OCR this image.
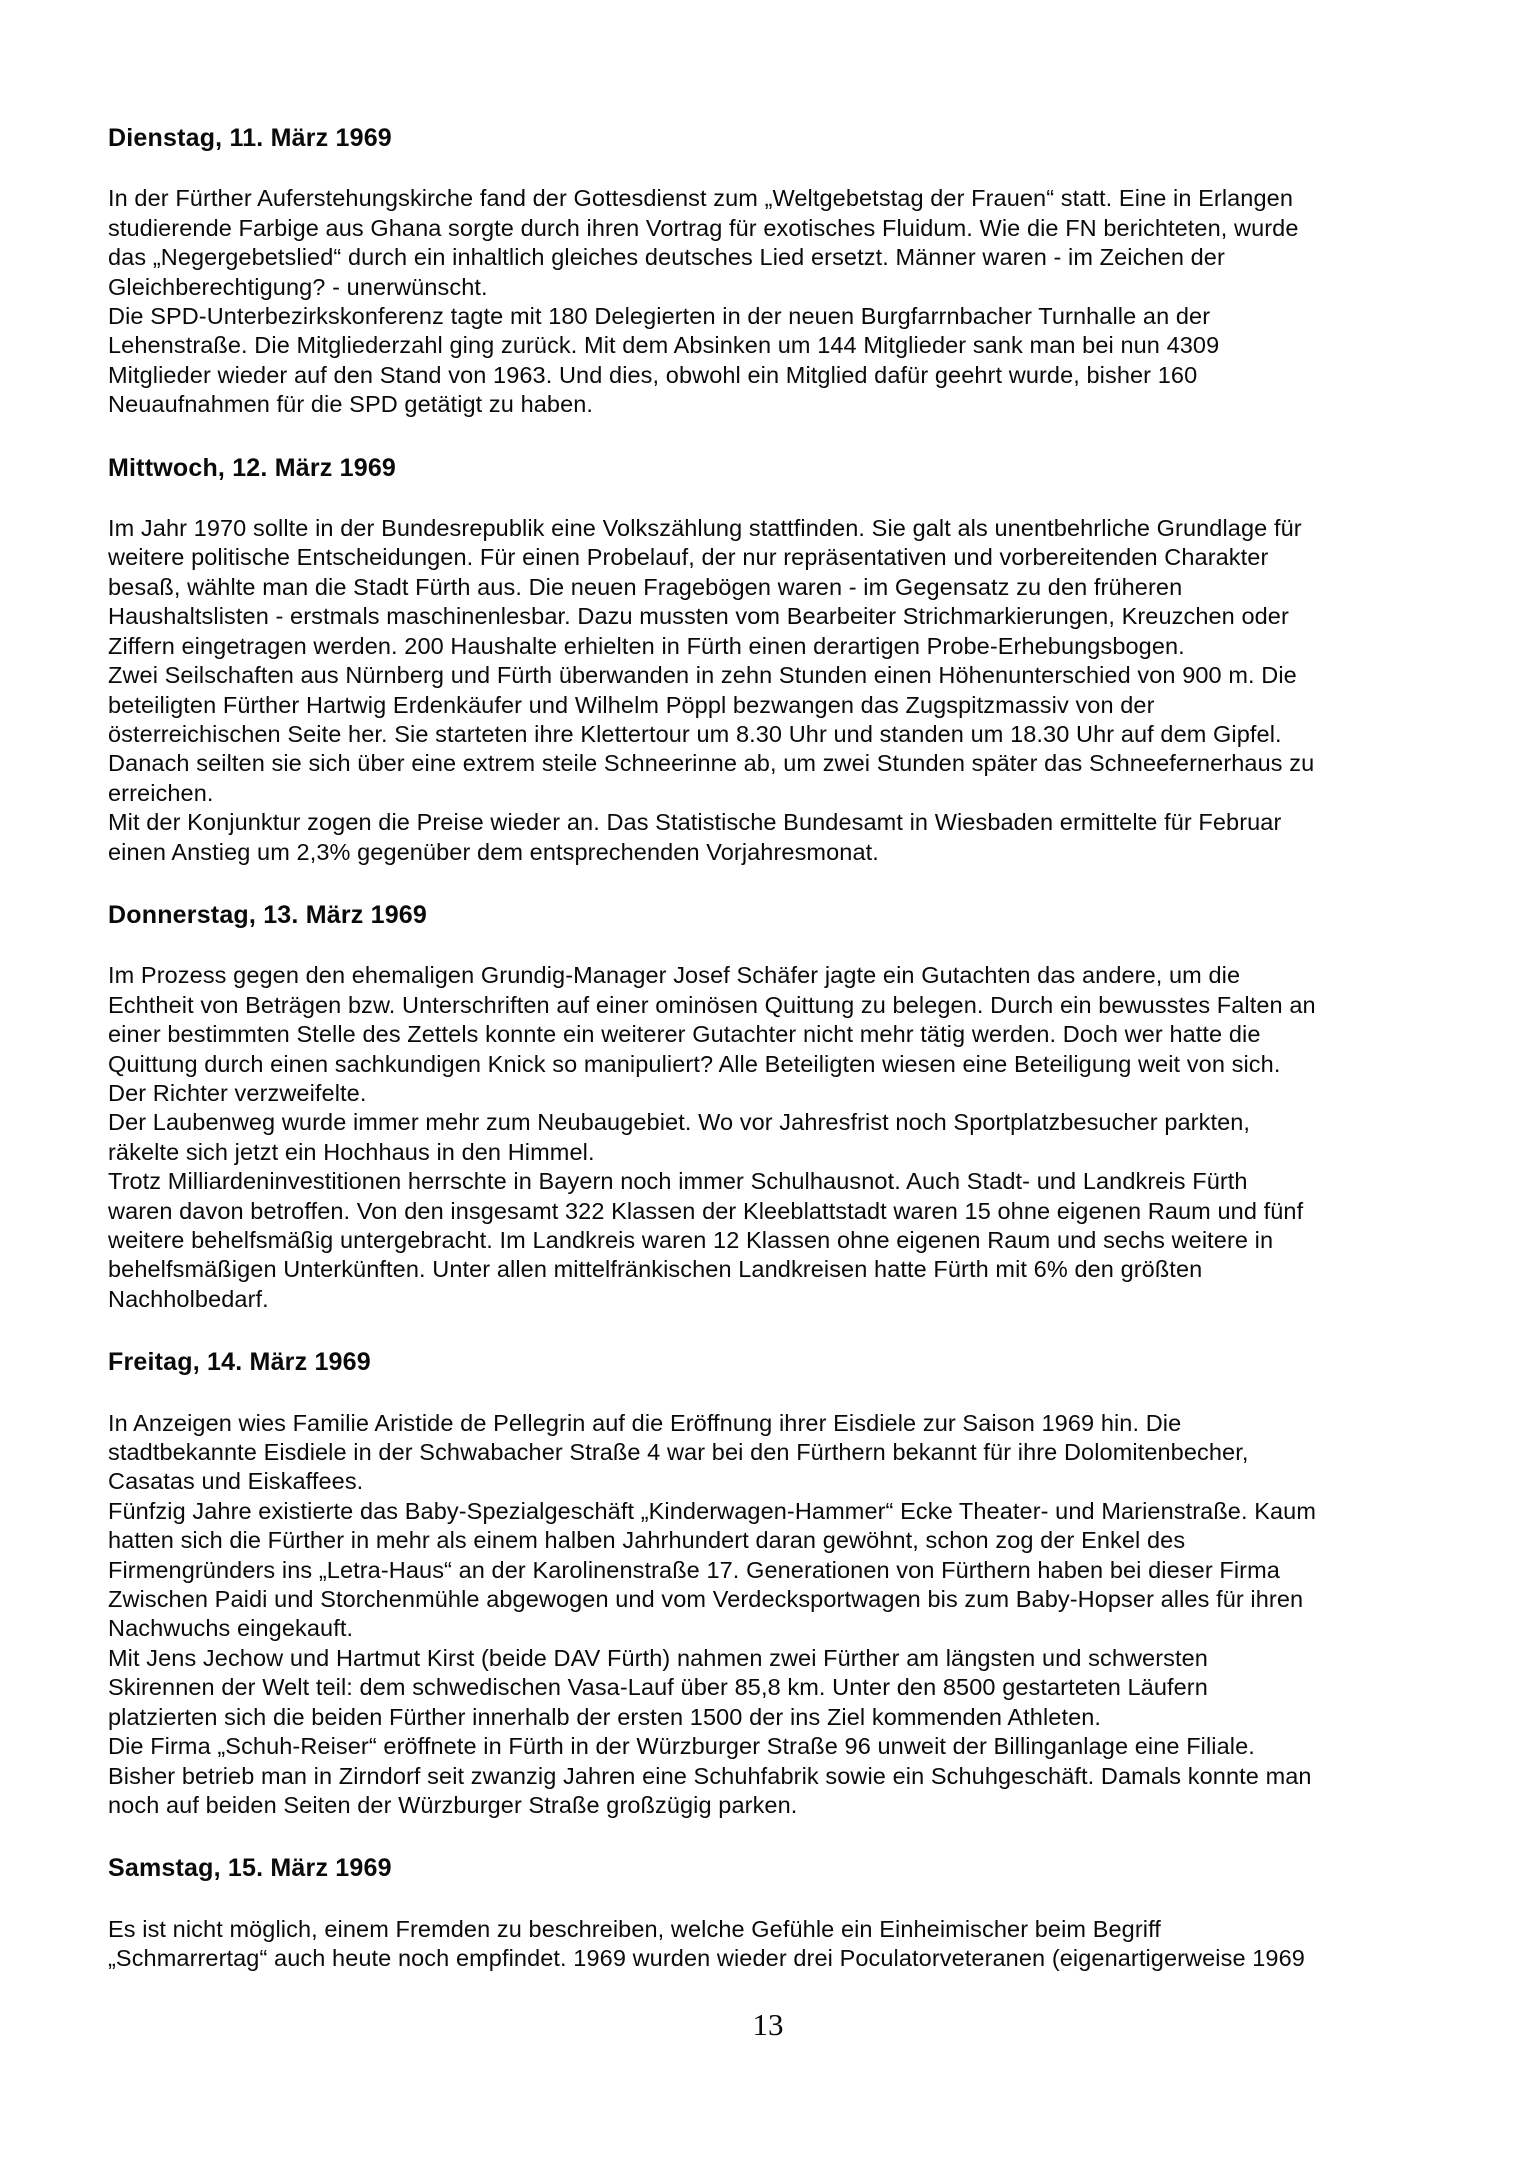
Dienstag, 11. März 1969

In der Fürther Auferstehungskirche fand der Gottesdienst zum „Weltgebetstag der Frauen“ statt. Eine in Erlangen
studierende Farbige aus Ghana sorgte durch ihren Vortrag für exotisches Fluidum. Wie die FN berichteten, wurde
das „Negergebetslied“ durch ein inhaltlich gleiches deutsches Lied ersetzt. Männer waren - im Zeichen der
Gleichberechtigung? - unerwünscht.

Die SPD-Unterbezirkskonferenz tagte mit 180 Delegierten in der neuen Burgfarrnbacher Turnhalle an der
Lehenstraße. Die Mitgliederzahl ging zurück. Mit dem Absinken um 144 Mitglieder sank man bei nun 4309
Mitglieder wieder auf den Stand von 1963. Und dies, obwohl ein Mitglied dafür geehrt wurde, bisher 160
Neuaufnahmen für die SPD getätigt zu haben.

Mittwoch, 12. März 1969

Im Jahr 1970 sollte in der Bundesrepublik eine Volkszählung stattfinden. Sie galt als unentbehrliche Grundlage für
weitere politische Entscheidungen. Für einen Probelauf, der nur repräsentativen und vorbereitenden Charakter
besaß, wählte man die Stadt Fürth aus. Die neuen Fragebögen waren - im Gegensatz zu den früheren
Haushaltslisten - erstmals maschinenlesbar. Dazu mussten vom Bearbeiter Strichmarkierungen, Kreuzchen oder
Ziffern eingetragen werden. 200 Haushalte erhielten in Fürth einen derartigen Probe-Erhebungsbogen.

Zwei Seilschaften aus Nürnberg und Fürth überwanden in zehn Stunden einen Höhenunterschied von 900 m. Die
beteiligten Fürther Hartwig Erdenkäufer und Wilhelm Pöppl bezwangen das Zugspitzmassiv von der
österreichischen Seite her. Sie starteten ihre Klettertour um 8.30 Uhr und standen um 18.30 Uhr auf dem Gipfel.
Danach seilten sie sich über eine extrem steile Schneerinne ab, um zwei Stunden später das Schneefernerhaus zu
erreichen.

Mit der Konjunktur zogen die Preise wieder an. Das Statistische Bundesamt in Wiesbaden ermittelte für Februar
einen Anstieg um 2,3% gegenüber dem entsprechenden Vorjahresmonat.

Donnerstag, 13. März 1969

Im Prozess gegen den ehemaligen Grundig-Manager Josef Schäfer jagte ein Gutachten das andere, um die
Echtheit von Beträgen bzw. Unterschriften auf einer ominösen Quittung zu belegen. Durch ein bewusstes Falten an
einer bestimmten Stelle des Zettels konnte ein weiterer Gutachter nicht mehr tätig werden. Doch wer hatte die
Quittung durch einen sachkundigen Knick so manipuliert? Alle Beteiligten wiesen eine Beteiligung weit von sich.
Der Richter verzweifelte.

Der Laubenweg wurde immer mehr zum Neubaugebiet. Wo vor Jahresfrist noch Sportplatzbesucher parkten,
räkelte sich jetzt ein Hochhaus in den Himmel.

Trotz Milliardeninvestitionen herrschte in Bayern noch immer Schulhausnot. Auch Stadt- und Landkreis Fürth
waren davon betroffen. Von den insgesamt 322 Klassen der Kleeblattstadt waren 15 ohne eigenen Raum und fünf
weitere behelfsmäßig untergebracht. Im Landkreis waren 12 Klassen ohne eigenen Raum und sechs weitere in
behelfsmäßigen Unterkünften. Unter allen mittelfränkischen Landkreisen hatte Fürth mit 6% den größten
Nachholbedarf.

Freitag, 14. März 1969

In Anzeigen wies Familie Aristide de Pellegrin auf die Eröffnung ihrer Eisdiele zur Saison 1969 hin. Die
stadtbekannte Eisdiele in der Schwabacher Straße 4 war bei den Fürthern bekannt für ihre Dolomitenbecher,
Casatas und Eiskaffees.

Fünfzig Jahre existierte das Baby-Spezialgeschäft „Kinderwagen-Hammer“ Ecke Theater- und Marienstraße. Kaum
hatten sich die Fürther in mehr als einem halben Jahrhundert daran gewöhnt, schon zog der Enkel des
Firmengründers ins „Letra-Haus“ an der Karolinenstraße 17. Generationen von Fürthern haben bei dieser Firma
Zwischen Paidi und Storchenmühle abgewogen und vom Verdecksportwagen bis zum Baby-Hopser alles für ihren
Nachwuchs eingekauft.

Mit Jens Jechow und Hartmut Kirst (beide DAV Fürth) nahmen zwei Fürther am längsten und schwersten
Skirennen der Welt teil: dem schwedischen Vasa-Lauf über 85,8 km. Unter den 8500 gestarteten Läufern
platzierten sich die beiden Fürther innerhalb der ersten 1500 der ins Ziel kommenden Athleten.

Die Firma „Schuh-Reiser“ eröffnete in Fürth in der Würzburger Straße 96 unweit der Billinganlage eine Filiale.
Bisher betrieb man in Zirndorf seit zwanzig Jahren eine Schuhfabrik sowie ein Schuhgeschäft. Damals konnte man
noch auf beiden Seiten der Würzburger Straße großzügig parken.

Samstag, 15. März 1969

Es ist nicht möglich, einem Fremden zu beschreiben, welche Gefühle ein Einheimischer beim Begriff
„Schmarrertag“ auch heute noch empfindet. 1969 wurden wieder drei Poculatorveteranen (eigenartigerweise 1969

13
